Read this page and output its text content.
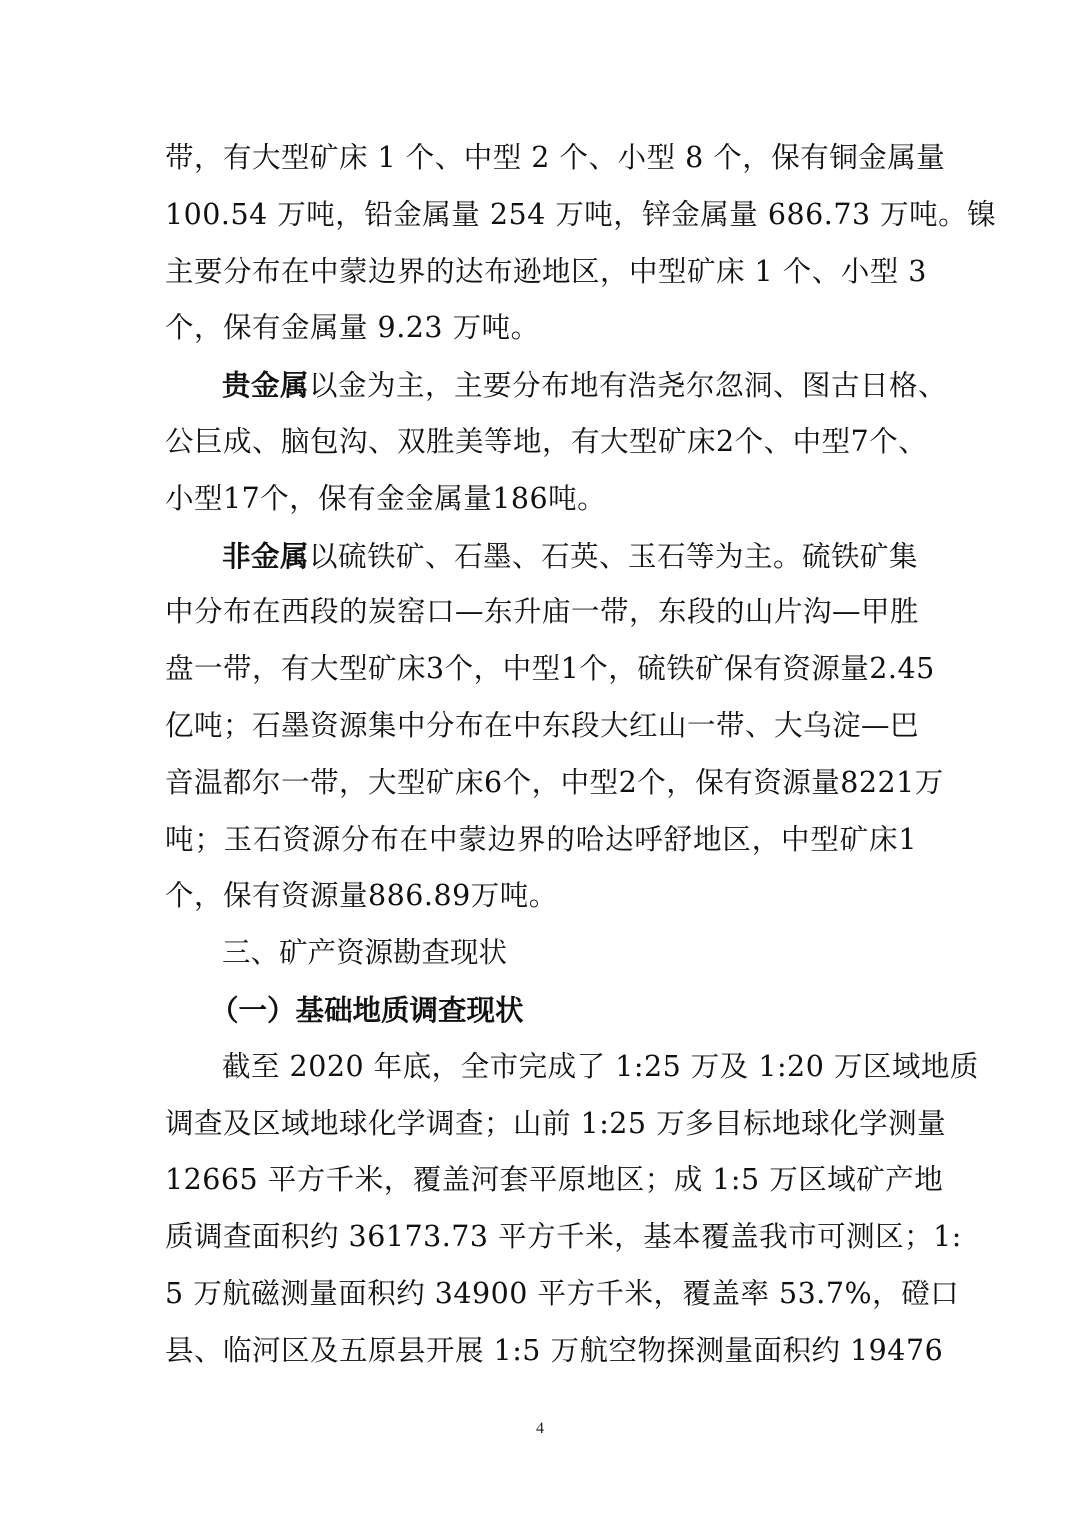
带，有大型矿床 1 个、中型 2 个、小型 8 个，保有铜金属量
100.54 万吨，铅金属量 254 万吨，锌金属量 686.73 万吨。镍
主要分布在中蒙边界的达布逊地区，中型矿床 1 个、小型 3
个，保有金属量 9.23 万吨。
贵金属以金为主，主要分布地有浩尧尔忽洞、图古日格、
公巨成、脑包沟、双胜美等地，有大型矿床2个、中型7个、
小型17个，保有金金属量186吨。
非金属以硫铁矿、石墨、石英、玉石等为主。硫铁矿集
中分布在西段的炭窑口—东升庙一带，东段的山片沟—甲胜
盘一带，有大型矿床3个，中型1个，硫铁矿保有资源量2.45
亿吨；石墨资源集中分布在中东段大红山一带、大乌淀—巴
音温都尔一带，大型矿床6个，中型2个，保有资源量8221万
吨；玉石资源分布在中蒙边界的哈达呼舒地区，中型矿床1
个，保有资源量886.89万吨。
三、矿产资源勘查现状
（一）基础地质调查现状
截至 2020 年底，全市完成了 1:25 万及 1:20 万区域地质
调查及区域地球化学调查；山前 1:25 万多目标地球化学测量
12665 平方千米，覆盖河套平原地区；成 1:5 万区域矿产地
质调查面积约 36173.73 平方千米，基本覆盖我市可测区；1:
5 万航磁测量面积约 34900 平方千米，覆盖率 53.7%，磴口
县、临河区及五原县开展 1:5 万航空物探测量面积约 19476
4
